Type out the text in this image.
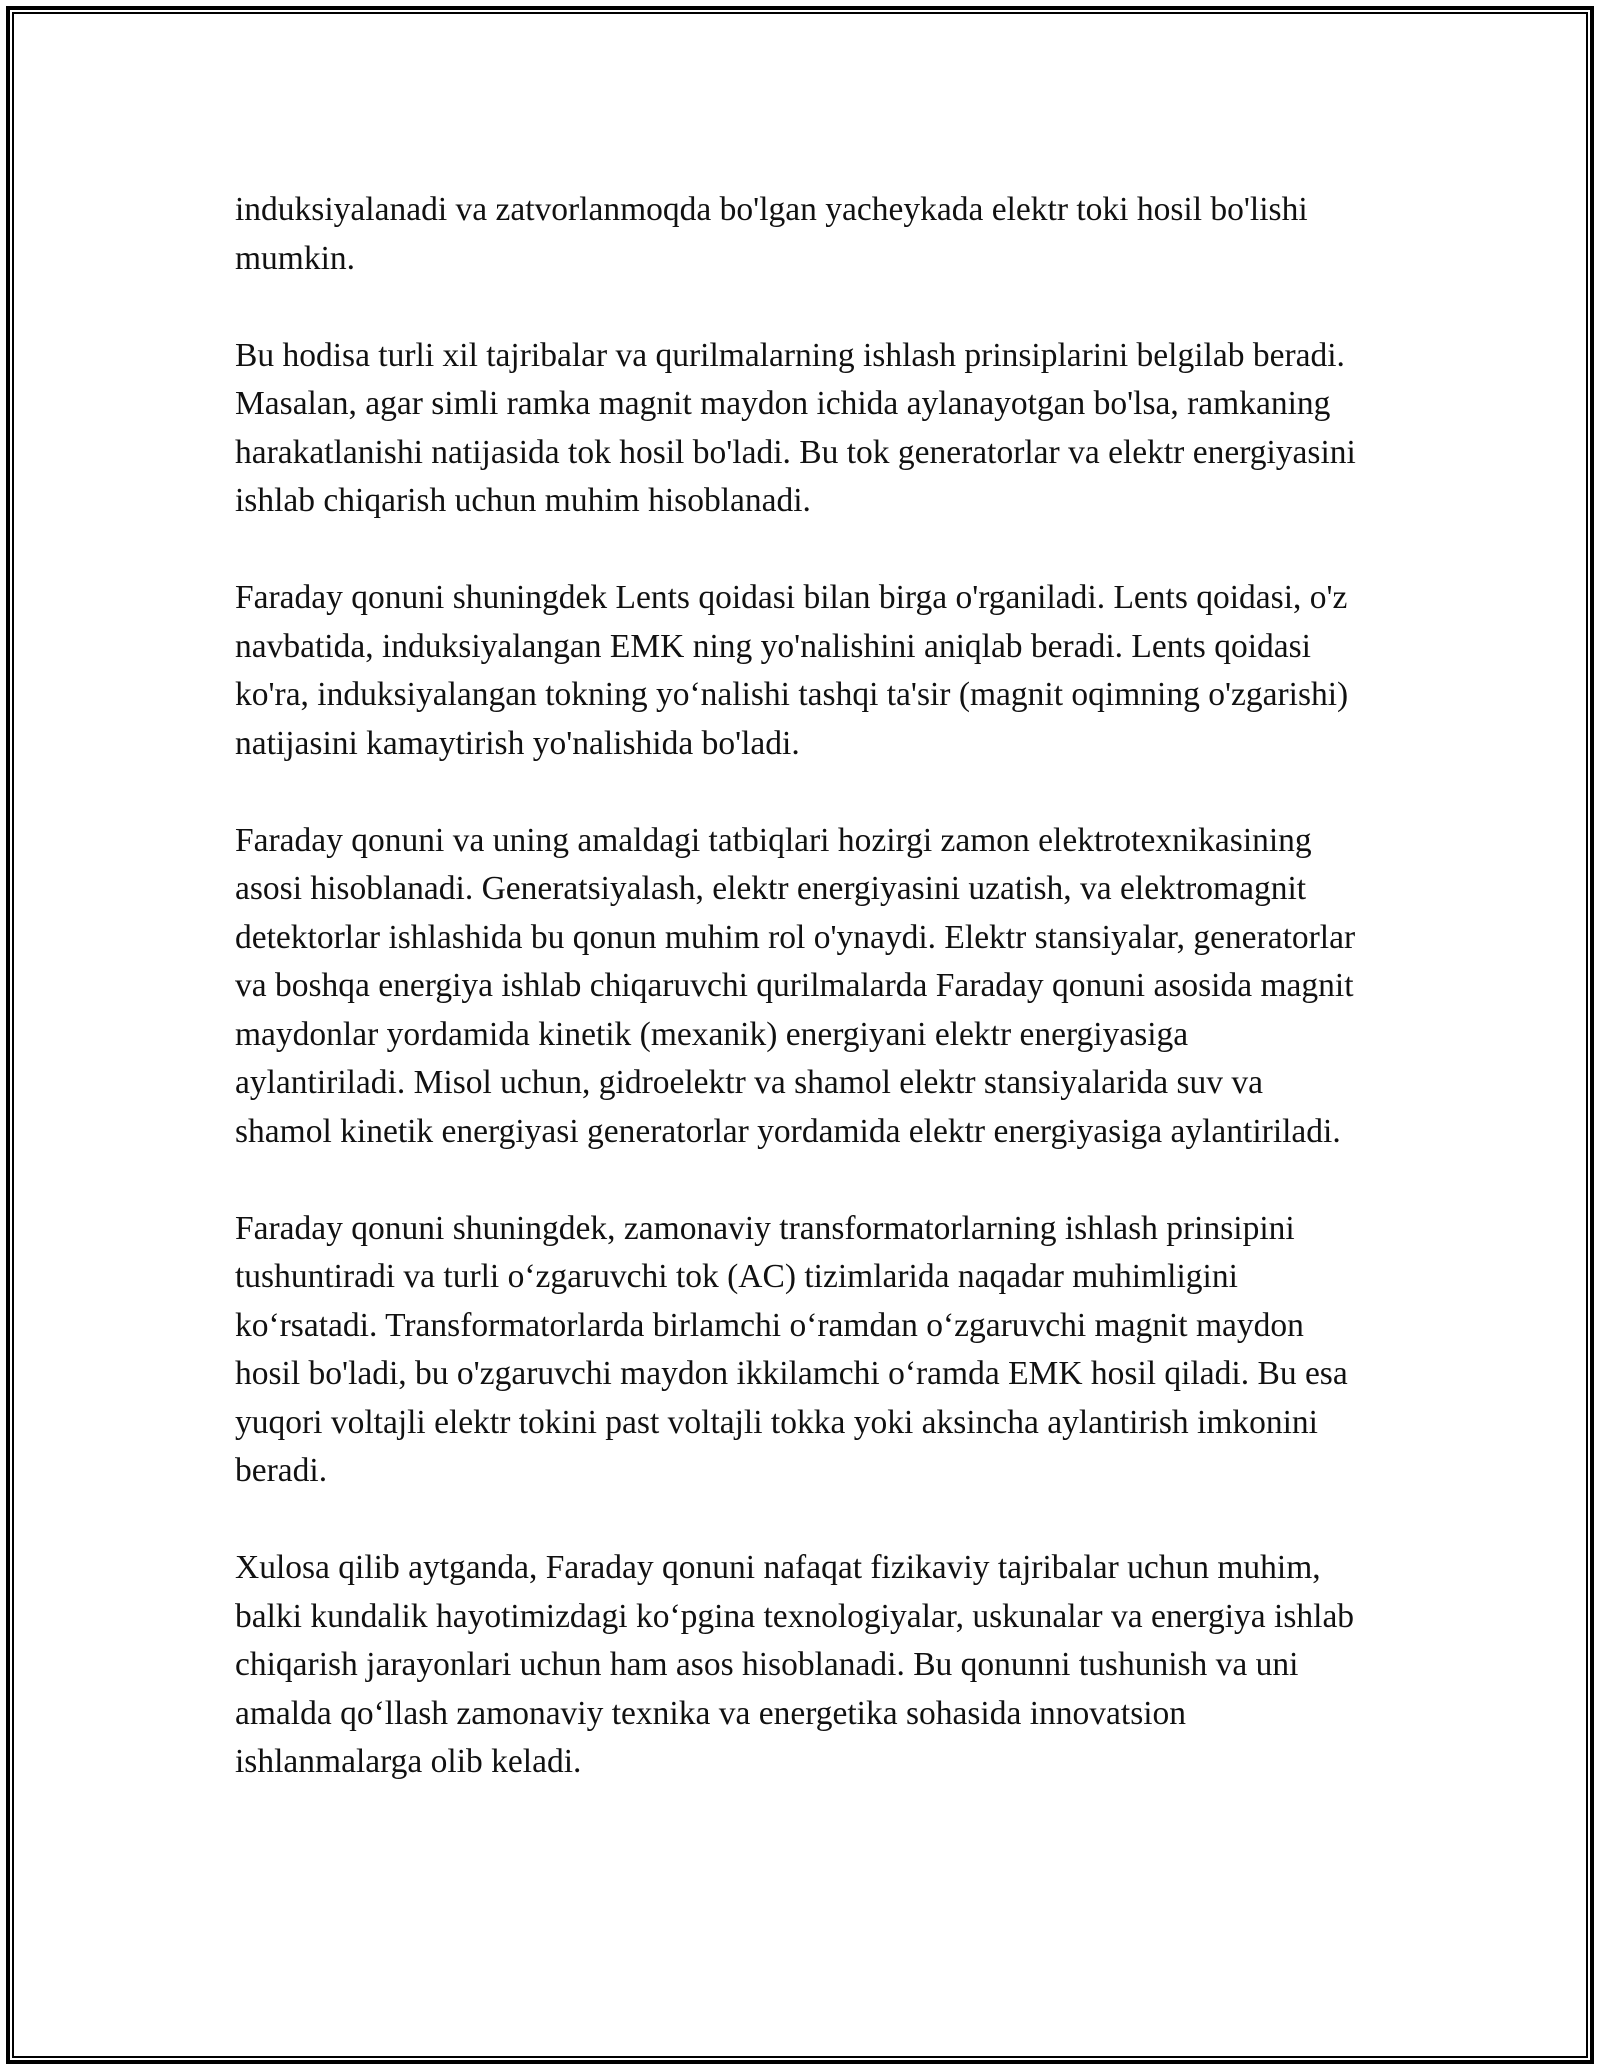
induksiyalanadi va zatvorlanmoqda bo'lgan yacheykada elektr toki hosil bo'lishi mumkin.

Bu hodisa turli xil tajribalar va qurilmalarning ishlash prinsiplarini belgilab beradi. Masalan, agar simli ramka magnit maydon ichida aylanayotgan bo'lsa, ramkaning harakatlanishi natijasida tok hosil bo'ladi. Bu tok generatorlar va elektr energiyasini ishlab chiqarish uchun muhim hisoblanadi.

Faraday qonuni shuningdek Lents qoidasi bilan birga o'rganiladi. Lents qoidasi, o'z navbatida, induksiyalangan EMK ning yo'nalishini aniqlab beradi. Lents qoidasi ko'ra, induksiyalangan tokning yo‘nalishi tashqi ta'sir (magnit oqimning o'zgarishi) natijasini kamaytirish yo'nalishida bo'ladi.

Faraday qonuni va uning amaldagi tatbiqlari hozirgi zamon elektrotexnikasining asosi hisoblanadi. Generatsiyalash, elektr energiyasini uzatish, va elektromagnit detektorlar ishlashida bu qonun muhim rol o'ynaydi. Elektr stansiyalar, generatorlar va boshqa energiya ishlab chiqaruvchi qurilmalarda Faraday qonuni asosida magnit maydonlar yordamida kinetik (mexanik) energiyani elektr energiyasiga aylantiriladi. Misol uchun, gidroelektr va shamol elektr stansiyalarida suv va shamol kinetik energiyasi generatorlar yordamida elektr energiyasiga aylantiriladi.

Faraday qonuni shuningdek, zamonaviy transformatorlarning ishlash prinsipini tushuntiradi va turli o‘zgaruvchi tok (AC) tizimlarida naqadar muhimligini ko‘rsatadi. Transformatorlarda birlamchi o‘ramdan o‘zgaruvchi magnit maydon hosil bo'ladi, bu o'zgaruvchi maydon ikkilamchi o‘ramda EMK hosil qiladi. Bu esa yuqori voltajli elektr tokini past voltajli tokka yoki aksincha aylantirish imkonini beradi.

Xulosa qilib aytganda, Faraday qonuni nafaqat fizikaviy tajribalar uchun muhim, balki kundalik hayotimizdagi ko‘pgina texnologiyalar, uskunalar va energiya ishlab chiqarish jarayonlari uchun ham asos hisoblanadi. Bu qonunni tushunish va uni amalda qo‘llash zamonaviy texnika va energetika sohasida innovatsion ishlanmalarga olib keladi.
